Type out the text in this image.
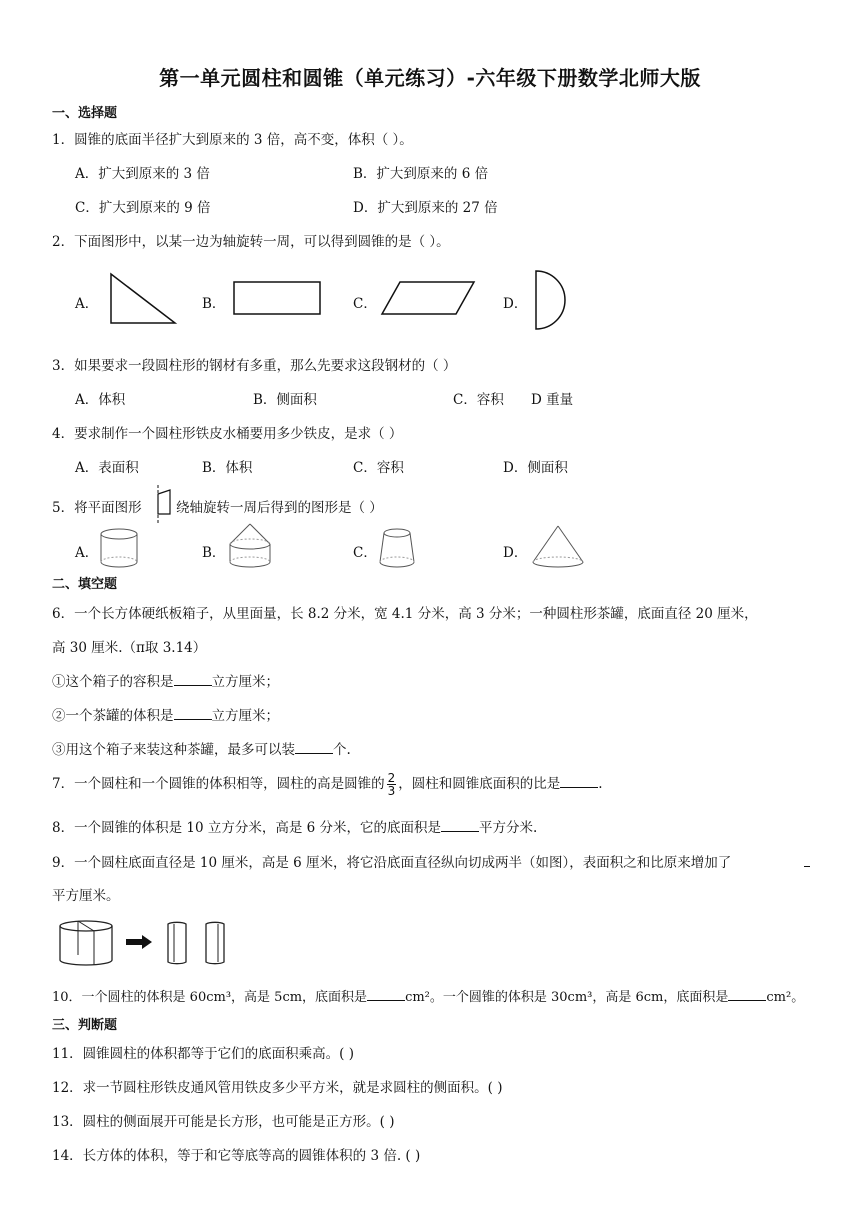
第一单元圆柱和圆锥（单元练习）-六年级下册数学北师大版
一、选择题
1．圆锥的底面半径扩大到原来的 3 倍，高不变，体积（ ）。
A．扩大到原来的 3 倍	B．扩大到原来的 6 倍
C．扩大到原来的 9 倍	D．扩大到原来的 27 倍
2．下面图形中，以某一边为轴旋转一周，可以得到圆锥的是（ ）。
A．	B．	C．	D．
3．如果要求一段圆柱形的钢材有多重，那么先要求这段钢材的（ ）
A．体积	B．侧面积	C．容积 D 重量
4．要求制作一个圆柱形铁皮水桶要用多少铁皮，是求（ ）
A．表面积	B．体积	C．容积	D．侧面积
5．将平面图形	绕轴旋转一周后得到的图形是（ ）
A．	B．	C．	D．
二、填空题
6．一个长方体硬纸板箱子，从里面量，长 8.2 分米，宽 4.1 分米，高 3 分米；一种圆柱形茶罐，底面直径 20 厘米，
高 30 厘米.（π取 3.14）
①这个箱子的容积是	立方厘米；
②一个茶罐的体积是	立方厘米；
③用这个箱子来装这种茶罐，最多可以装	个.
7．一个圆柱和一个圆锥的体积相等，圆柱的高是圆锥的 $\frac{2}{3}$ ，圆柱和圆锥底面积的比是	.
8．一个圆锥的体积是 10 立方分米，高是 6 分米，它的底面积是	平方分米.
9．一个圆柱底面直径是 10 厘米，高是 6 厘米，将它沿底面直径纵向切成两半（如图），表面积之和比原来增加了
平方厘米。
10．一个圆柱的体积是 60cm³，高是 5cm，底面积是	cm²。一个圆锥的体积是 30cm³，高是 6cm，底面积是	cm²。
三、判断题
11．圆锥圆柱的体积都等于它们的底面积乘高。( )
12．求一节圆柱形铁皮通风管用铁皮多少平方米，就是求圆柱的侧面积。( )
13．圆柱的侧面展开可能是长方形，也可能是正方形。( )
14．长方体的体积，等于和它等底等高的圆锥体积的 3 倍. ( )
